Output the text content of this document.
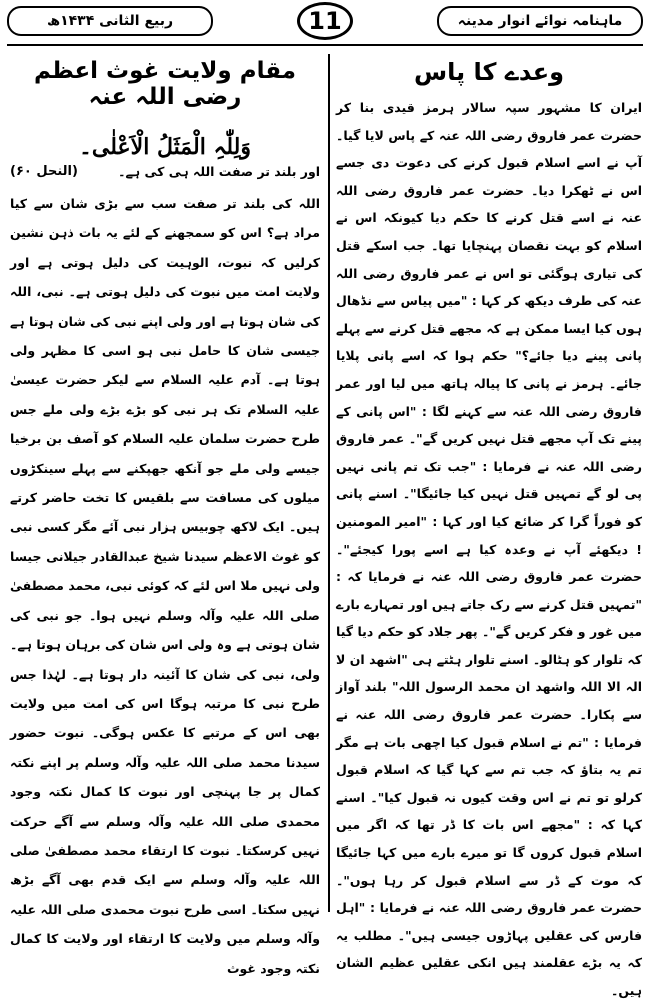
ماہنامہ نوائے انوار مدینہ
11
ربیع الثانی ۱۴۳۴ھ
وعدے کا پاس

ایران کا مشہور سپہ سالار ہرمز قیدی بنا کر حضرت عمر فاروق رضی اللہ عنہ کے پاس لایا گیا۔ آپ نے اسے اسلام قبول کرنے کی دعوت دی جسے اس نے ٹھکرا دیا۔ حضرت عمر فاروق رضی اللہ عنہ نے اسے قتل کرنے کا حکم دیا کیونکہ اس نے اسلام کو بہت نقصان پہنچایا تھا۔ جب اسکے قتل کی تیاری ہوگئی تو اس نے عمر فاروق رضی اللہ عنہ کی طرف دیکھ کر کہا : "میں پیاس سے نڈھال ہوں کیا ایسا ممکن ہے کہ مجھے قتل کرنے سے پہلے پانی پینے دیا جائے؟" حکم ہوا کہ اسے پانی پلایا جائے۔ ہرمز نے پانی کا پیالہ ہاتھ میں لیا اور عمر فاروق رضی اللہ عنہ سے کہنے لگا : "اس پانی کے پینے تک آپ مجھے قتل نہیں کریں گے"۔ عمر فاروق رضی اللہ عنہ نے فرمایا : "جب تک تم پانی نہیں پی لو گے تمہیں قتل نہیں کیا جائیگا"۔ اسنے پانی کو فوراً گرا کر ضائع کیا اور کہا : "امیر المومنین ! دیکھئے آپ نے وعدہ کیا ہے اسے پورا کیجئے"۔ حضرت عمر فاروق رضی اللہ عنہ نے فرمایا کہ : "تمہیں قتل کرنے سے رک جاتے ہیں اور تمہارے بارے میں غور و فکر کریں گے"۔ پھر جلاد کو حکم دیا گیا کہ تلوار کو ہٹالو۔ اسنے تلوار ہٹتے ہی "اشھد ان لا الہ الا اللہ واشھد ان محمد الرسول اللہ" بلند آواز سے پکارا۔ حضرت عمر فاروق رضی اللہ عنہ نے فرمایا : "تم نے اسلام قبول کیا اچھی بات ہے مگر تم یہ بتاؤ کہ جب تم سے کہا گیا کہ اسلام قبول کرلو تو تم نے اس وقت کیوں نہ قبول کیا"۔ اسنے کہا کہ : "مجھے اس بات کا ڈر تھا کہ اگر میں اسلام قبول کروں گا تو میرے بارے میں کہا جائیگا کہ موت کے ڈر سے اسلام قبول کر رہا ہوں"۔ حضرت عمر فاروق رضی اللہ عنہ نے فرمایا : "اہل فارس کی عقلیں پہاڑوں جیسی ہیں"۔ مطلب یہ کہ یہ بڑے عقلمند ہیں انکی عقلیں عظیم الشان ہیں۔

مقام ولایت غوث اعظم رضی اللہ عنہ
وَلِلّٰہِ الْمَثَلُ الْاَعْلٰی۔
اور بلند تر صفت اللہ ہی کی ہے۔
(النحل ۶۰)

اللہ کی بلند تر صفت سب سے بڑی شان سے کیا مراد ہے؟ اس کو سمجھنے کے لئے یہ بات ذہن نشین کرلیں کہ نبوت، الوہیت کی دلیل ہوتی ہے اور ولایت امت میں نبوت کی دلیل ہوتی ہے۔ نبی، اللہ کی شان ہوتا ہے اور ولی اپنے نبی کی شان ہوتا ہے جیسی شان کا حامل نبی ہو اسی کا مظہر ولی ہوتا ہے۔ آدم علیہ السلام سے لیکر حضرت عیسیٰ علیہ السلام تک ہر نبی کو بڑے بڑے ولی ملے جس طرح حضرت سلمان علیہ السلام کو آصف بن برخیا جیسے ولی ملے جو آنکھ جھپکنے سے پہلے سینکڑوں میلوں کی مسافت سے بلقیس کا تخت حاضر کرتے ہیں۔ ایک لاکھ چوبیس ہزار نبی آئے مگر کسی نبی کو غوث الاعظم سیدنا شیخ عبدالقادر جیلانی جیسا ولی نہیں ملا اس لئے کہ کوئی نبی، محمد مصطفیٰ صلی اللہ علیہ وآلہ وسلم نہیں ہوا۔ جو نبی کی شان ہوتی ہے وہ ولی اس شان کی برہان ہوتا ہے۔ ولی، نبی کی شان کا آئینہ دار ہوتا ہے۔ لہٰذا جس طرح نبی کا مرتبہ ہوگا اس کی امت میں ولایت بھی اس کے مرتبے کا عکس ہوگی۔ نبوت حضور سیدنا محمد صلی اللہ علیہ وآلہ وسلم پر اپنے نکتہ کمال پر جا پہنچی اور نبوت کا کمال نکتہ وجود محمدی صلی اللہ علیہ وآلہ وسلم سے آگے حرکت نہیں کرسکتا۔ نبوت کا ارتقاء محمد مصطفیٰ صلی اللہ علیہ وآلہ وسلم سے ایک قدم بھی آگے بڑھ نہیں سکتا۔ اسی طرح نبوت محمدی صلی اللہ علیہ وآلہ وسلم میں ولایت کا ارتقاء اور ولایت کا کمال نکتہ وجود غوث
